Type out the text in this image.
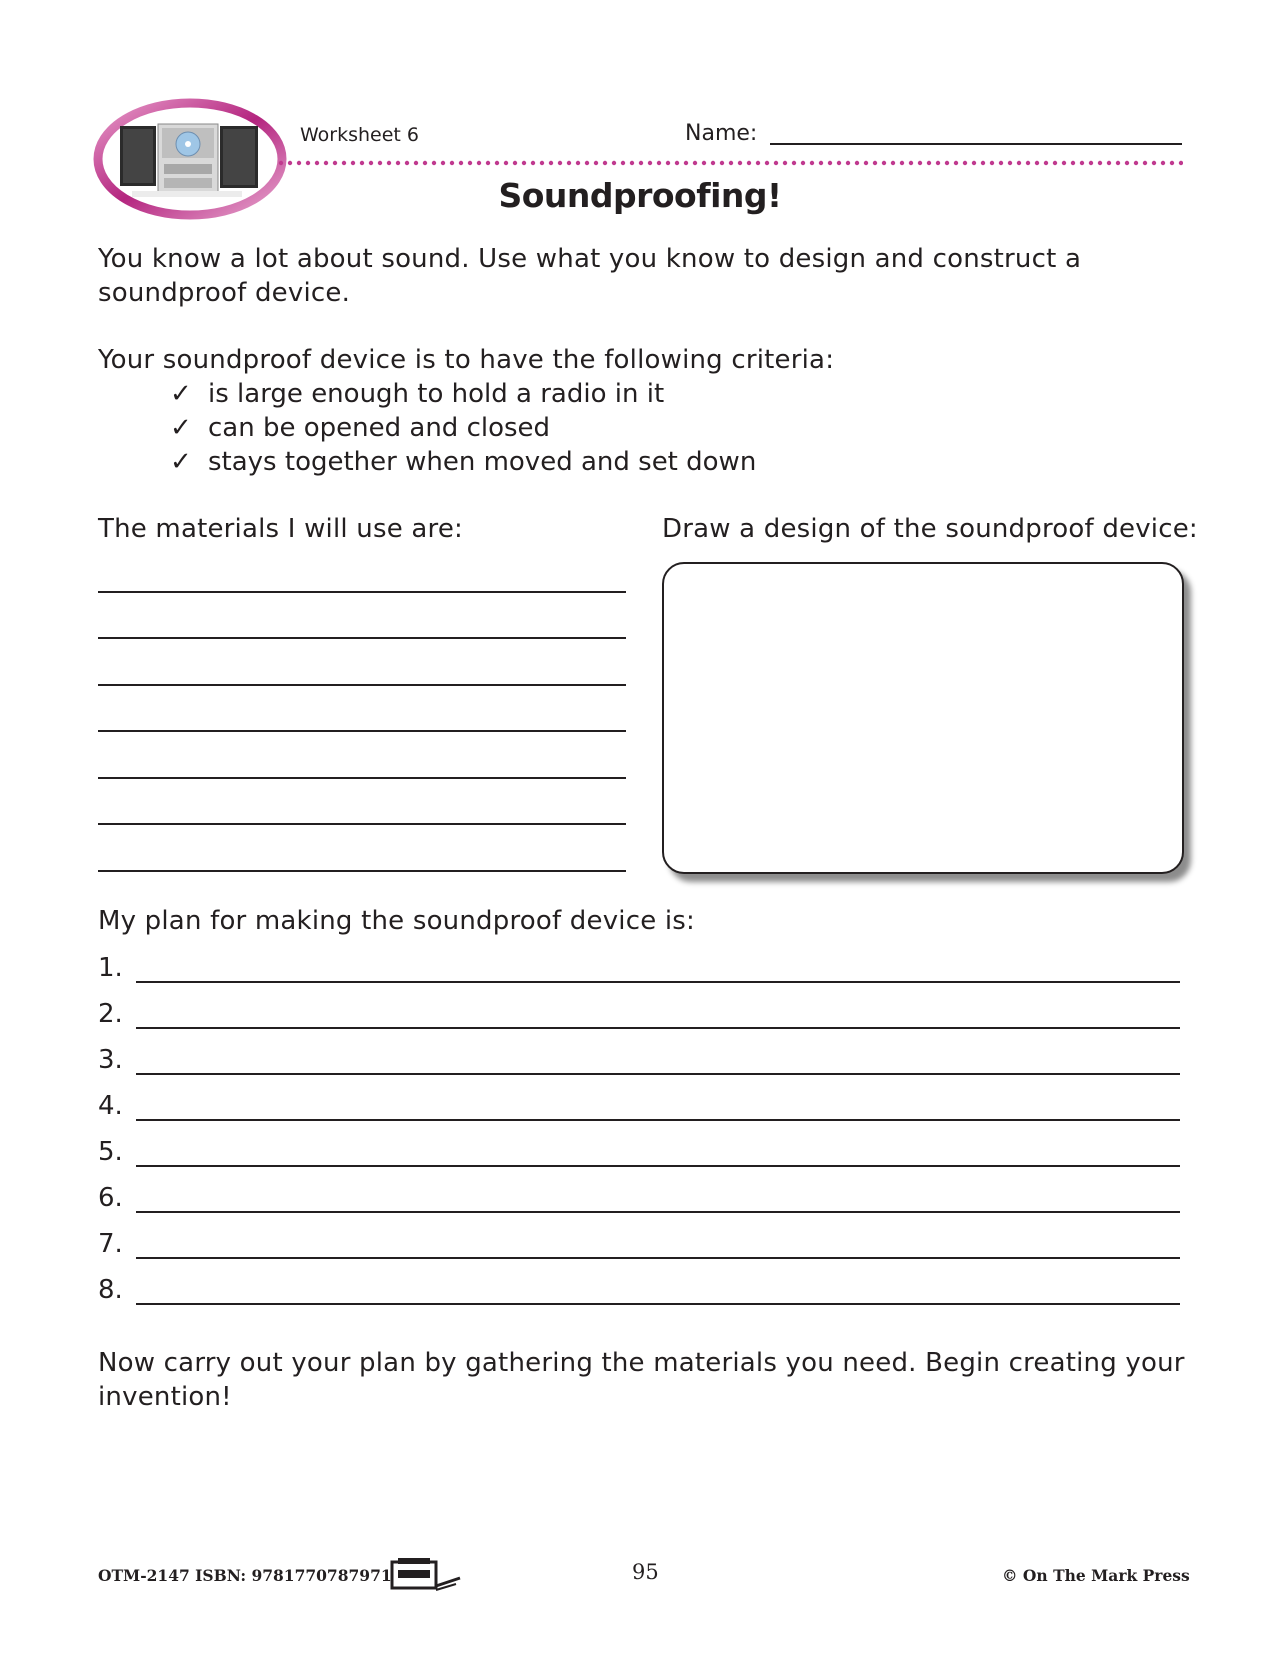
Worksheet 6	Name:
Soundproofing!
You know a lot about sound. Use what you know to design and construct a soundproof device.
Your soundproof device is to have the following criteria:
✓ is large enough to hold a radio in it
✓ can be opened and closed
✓ stays together when moved and set down
The materials I will use are:	Draw a design of the soundproof device:
My plan for making the soundproof device is:
1.
2.
3.
4.
5.
6.
7.
8.
Now carry out your plan by gathering the materials you need. Begin creating your invention!
OTM-2147 ISBN: 9781770787971	95	© On The Mark Press
